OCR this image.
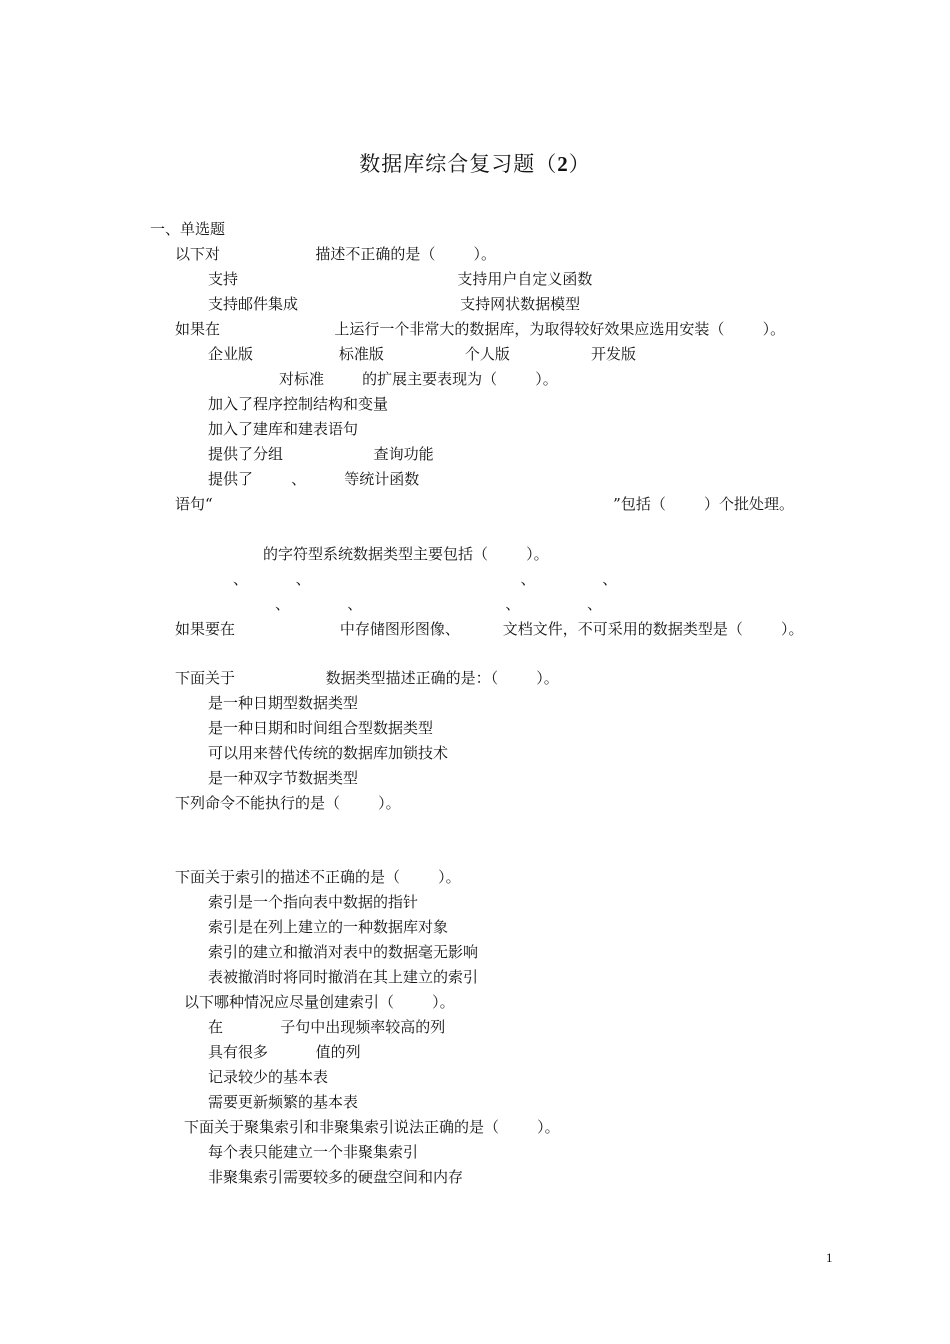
数据库综合复习题（2）
一、单选题
以下对                    描述不正确的是（        ）。
支持                                              支持用户自定义函数
支持邮件集成                                  支持网状数据模型
如果在                        上运行一个非常大的数据库，为取得较好效果应选用安装（        ）。
企业版                  标准版                 个人版                 开发版
对标准        的扩展主要表现为（        ）。
加入了程序控制结构和变量
加入了建库和建表语句
提供了分组                   查询功能
提供了        、        等统计函数
语句“                                                                                    ”包括（        ）个批处理。
的字符型系统数据类型主要包括（        ）。
、          、                                            、              、
、            、                              、              、
如果要在                      中存储图形图像、         文档文件，不可采用的数据类型是（        ）。
下面关于                   数据类型描述正确的是：（        ）。
是一种日期型数据类型
是一种日期和时间组合型数据类型
可以用来替代传统的数据库加锁技术
是一种双字节数据类型
下列命令不能执行的是（        ）。
下面关于索引的描述不正确的是（        ）。
索引是一个指向表中数据的指针
索引是在列上建立的一种数据库对象
索引的建立和撤消对表中的数据毫无影响
表被撤消时将同时撤消在其上建立的索引
以下哪种情况应尽量创建索引（        ）。
在            子句中出现频率较高的列
具有很多          值的列
记录较少的基本表
需要更新频繁的基本表
下面关于聚集索引和非聚集索引说法正确的是（        ）。
每个表只能建立一个非聚集索引
非聚集索引需要较多的硬盘空间和内存
1
